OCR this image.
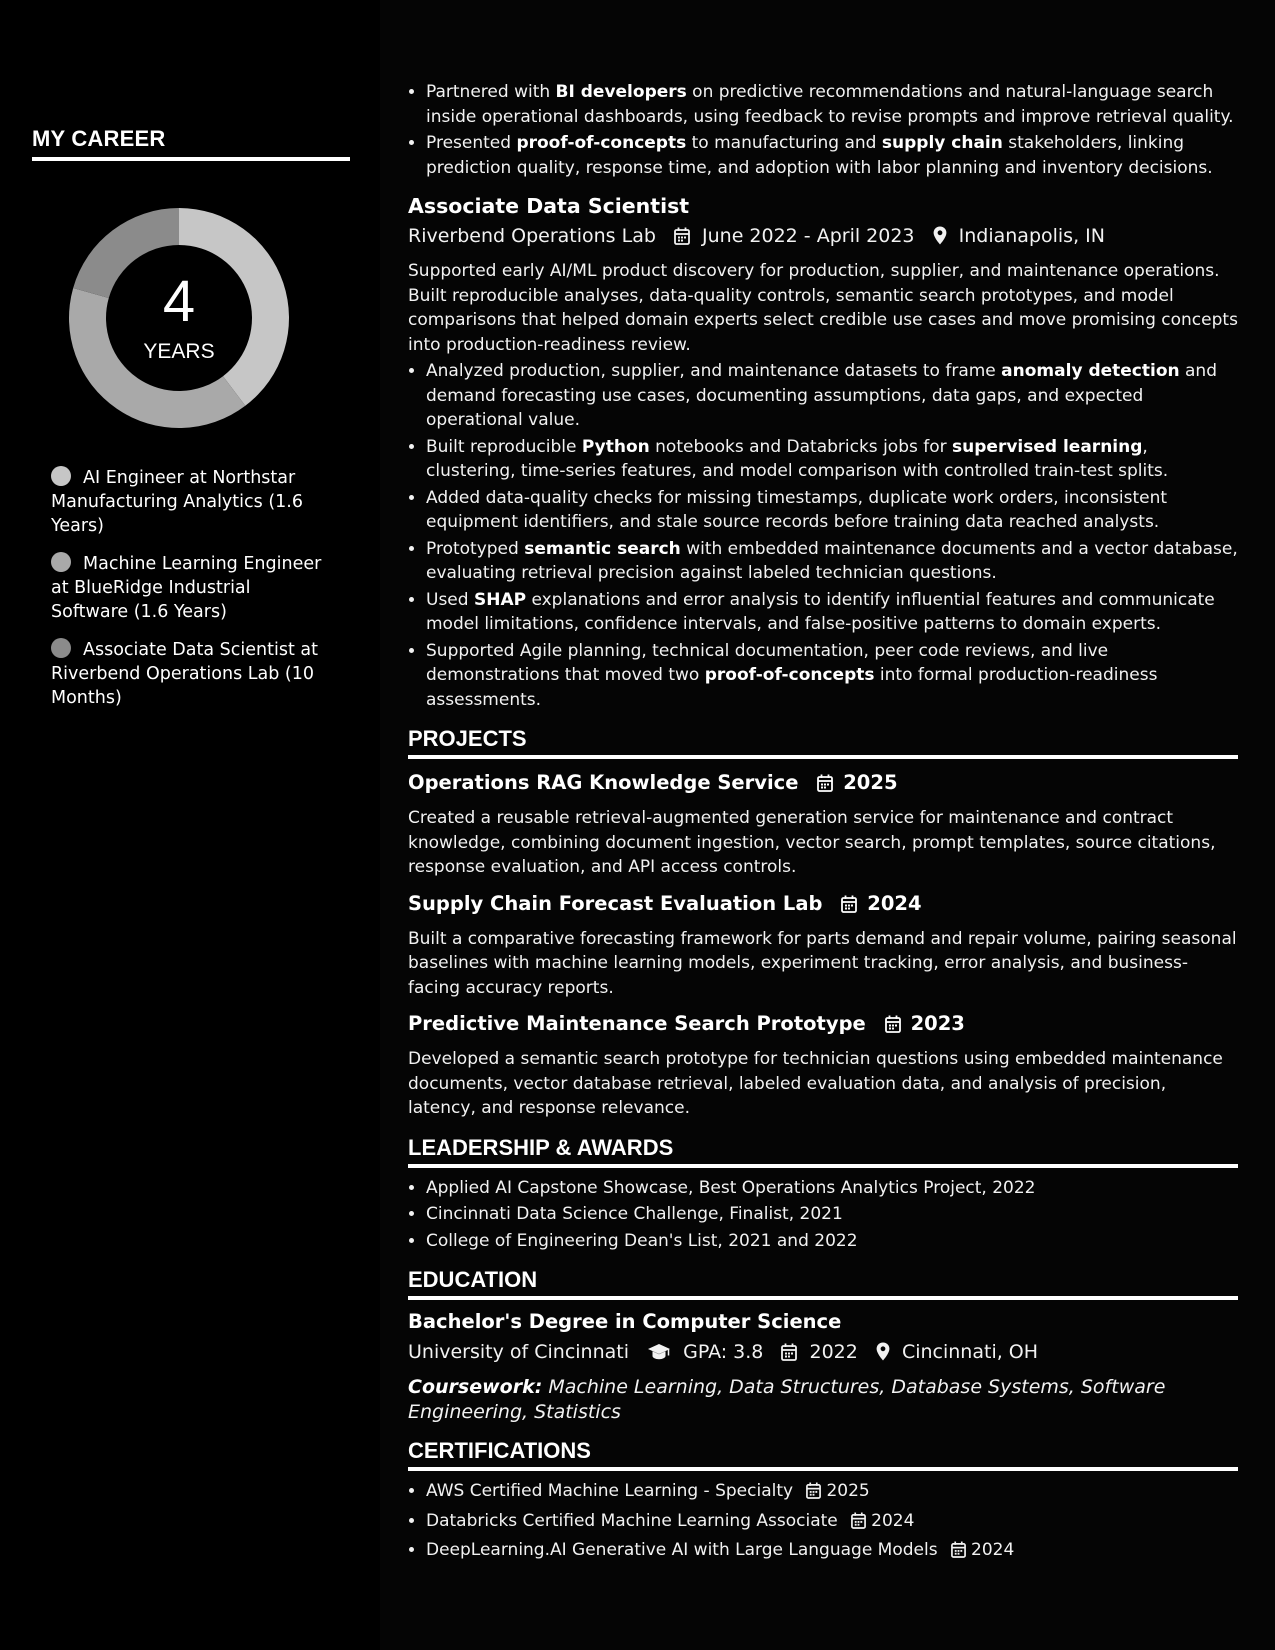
MY CAREER
4
YEARS
AI Engineer at Northstar Manufacturing Analytics (1.6 Years)
Machine Learning Engineer at BlueRidge Industrial Software (1.6 Years)
Associate Data Scientist at Riverbend Operations Lab (10 Months)
• Partnered with BI developers on predictive recommendations and natural-language search inside operational dashboards, using feedback to revise prompts and improve retrieval quality.
• Presented proof-of-concepts to manufacturing and supply chain stakeholders, linking prediction quality, response time, and adoption with labor planning and inventory decisions.
Associate Data Scientist
Riverbend Operations Lab June 2022 - April 2023 Indianapolis, IN
Supported early AI/ML product discovery for production, supplier, and maintenance operations. Built reproducible analyses, data-quality controls, semantic search prototypes, and model comparisons that helped domain experts select credible use cases and move promising concepts into production-readiness review.
• Analyzed production, supplier, and maintenance datasets to frame anomaly detection and demand forecasting use cases, documenting assumptions, data gaps, and expected operational value.
• Built reproducible Python notebooks and Databricks jobs for supervised learning, clustering, time-series features, and model comparison with controlled train-test splits.
• Added data-quality checks for missing timestamps, duplicate work orders, inconsistent equipment identifiers, and stale source records before training data reached analysts.
• Prototyped semantic search with embedded maintenance documents and a vector database, evaluating retrieval precision against labeled technician questions.
• Used SHAP explanations and error analysis to identify influential features and communicate model limitations, confidence intervals, and false-positive patterns to domain experts.
• Supported Agile planning, technical documentation, peer code reviews, and live demonstrations that moved two proof-of-concepts into formal production-readiness assessments.
PROJECTS
Operations RAG Knowledge Service 2025
Created a reusable retrieval-augmented generation service for maintenance and contract knowledge, combining document ingestion, vector search, prompt templates, source citations, response evaluation, and API access controls.
Supply Chain Forecast Evaluation Lab 2024
Built a comparative forecasting framework for parts demand and repair volume, pairing seasonal baselines with machine learning models, experiment tracking, error analysis, and business-facing accuracy reports.
Predictive Maintenance Search Prototype 2023
Developed a semantic search prototype for technician questions using embedded maintenance documents, vector database retrieval, labeled evaluation data, and analysis of precision, latency, and response relevance.
LEADERSHIP & AWARDS
• Applied AI Capstone Showcase, Best Operations Analytics Project, 2022
• Cincinnati Data Science Challenge, Finalist, 2021
• College of Engineering Dean's List, 2021 and 2022
EDUCATION
Bachelor's Degree in Computer Science
University of Cincinnati	GPA: 3.8 2022 Cincinnati, OH
Coursework: Machine Learning, Data Structures, Database Systems, Software Engineering, Statistics
CERTIFICATIONS
• AWS Certified Machine Learning - Specialty 2025
• Databricks Certified Machine Learning Associate 2024
• DeepLearning.AI Generative AI with Large Language Models 2024
